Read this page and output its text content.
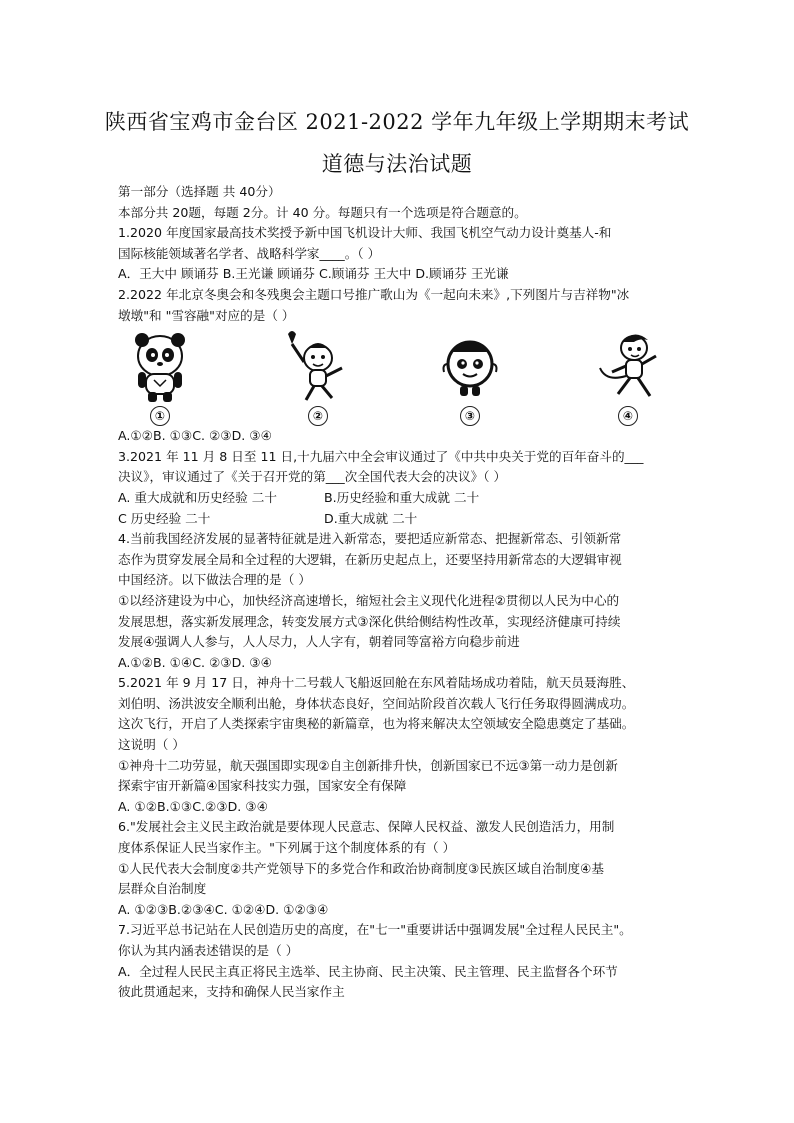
陕西省宝鸡市金台区 2021-2022 学年九年级上学期期末考试
道德与法治试题
第一部分（选择题 共 40分）
本部分共 20题，每题 2分。计 40 分。每题只有一个选项是符合题意的。
1.2020 年度国家最高技术奖授予新中国飞机设计大师、我国飞机空气动力设计奠基人-和
国际核能领域著名学者、战略科学家____。（ ）
A．王大中 顾诵芬 B.王光谦 顾诵芬 C.顾诵芬 王大中 D.顾诵芬 王光谦
2.2022 年北京冬奥会和冬残奥会主题口号推广歌山为《一起向未来》,下列图片与吉祥物"冰
墩墩"和 "雪容融"对应的是（ ）
①	②	③	④
A.①②B. ①③C. ②③D. ③④
3.2021 年 11 月 8 日至 11 日,十九届六中全会审议通过了《中共中央关于党的百年奋斗的___
决议》，审议通过了《关于召开党的第___次全国代表大会的决议》（ ）
A. 重大成就和历史经验 二十	B.历史经验和重大成就 二十
C 历史经验 二十	D.重大成就 二十
4.当前我国经济发展的显著特征就是进入新常态，要把适应新常态、把握新常态、引领新常
态作为贯穿发展全局和全过程的大逻辑，在新历史起点上，还要坚持用新常态的大逻辑审视
中国经济。以下做法合理的是（ ）
①以经济建设为中心，加快经济高速增长，缩短社会主义现代化进程②贯彻以人民为中心的
发展思想，落实新发展理念，转变发展方式③深化供给侧结构性改革，实现经济健康可持续
发展④强调人人参与，人人尽力，人人字有，朝着同等富裕方向稳步前进
A.①②B. ①④C. ②③D. ③④
5.2021 年 9 月 17 日，神舟十二号载人飞船返回舱在东风着陆场成功着陆，航天员聂海胜、
刘伯明、汤洪波安全顺利出舱，身体状态良好，空间站阶段首次载人飞行任务取得圆满成功。
这次飞行，开启了人类探索宇宙奥秘的新篇章，也为将来解决太空领域安全隐患奠定了基础。
这说明（ ）
①神舟十二功劳显，航天强国即实现②自主创新排升快，创新国家已不远③第一动力是创新
探索宇宙开新篇④国家科技实力强，国家安全有保障
A. ①②B.①③C.②③D. ③④
6."发展社会主义民主政治就是要体现人民意志、保障人民权益、激发人民创造活力，用制
度体系保证人民当家作主。"下列属于这个制度体系的有（ ）
①人民代表大会制度②共产党领导下的多党合作和政治协商制度③民族区域自治制度④基
层群众自治制度
A. ①②③B.②③④C. ①②④D. ①②③④
7.习近平总书记站在人民创造历史的高度，在"七一"重要讲话中强调发展"全过程人民民主"。
你认为其内涵表述错误的是（ ）
A．全过程人民民主真正将民主选举、民主协商、民主决策、民主管理、民主监督各个环节
彼此贯通起来，支持和确保人民当家作主
